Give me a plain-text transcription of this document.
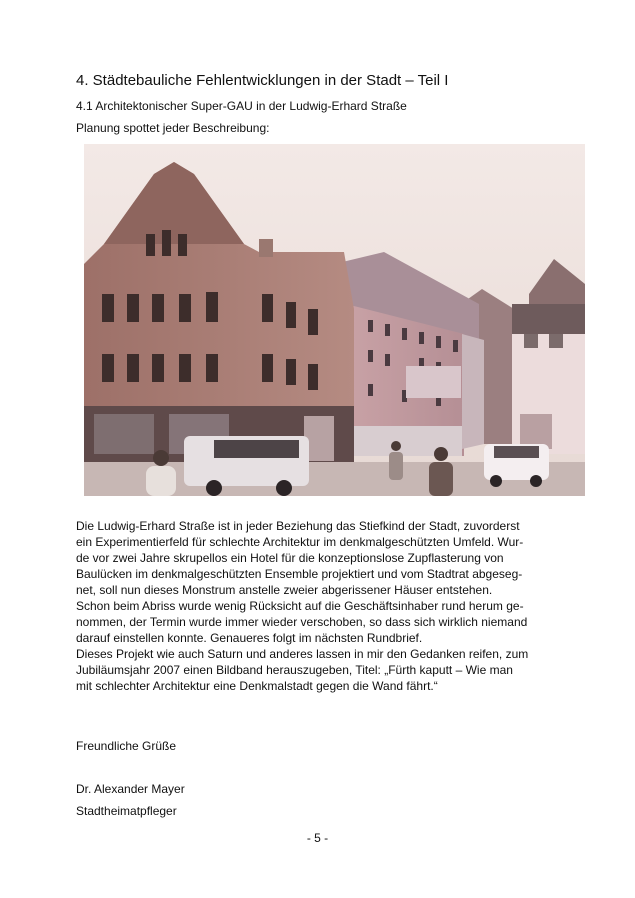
4. Städtebauliche Fehlentwicklungen in der Stadt – Teil I
4.1 Architektonischer Super-GAU in der Ludwig-Erhard Straße
Planung spottet jeder Beschreibung:
Die Ludwig-Erhard Straße ist in jeder Beziehung das Stiefkind der Stadt, zuvorderst
ein Experimentierfeld für schlechte Architektur im denkmalgeschützten Umfeld. Wur-
de vor zwei Jahre skrupellos ein Hotel für die konzeptionslose Zupflasterung von
Baulücken im denkmalgeschützten Ensemble projektiert und vom Stadtrat abgeseg-
net, soll nun dieses Monstrum anstelle zweier abgerissener Häuser entstehen.
Schon beim Abriss wurde wenig Rücksicht auf die Geschäftsinhaber rund herum ge-
nommen, der Termin wurde immer wieder verschoben, so dass sich wirklich niemand
darauf einstellen konnte. Genaueres folgt im nächsten Rundbrief.
Dieses Projekt wie auch Saturn und anderes lassen in mir den Gedanken reifen, zum
Jubiläumsjahr 2007 einen Bildband herauszugeben, Titel: „Fürth kaputt – Wie man
mit schlechter Architektur eine Denkmalstadt gegen die Wand fährt.“
Freundliche Grüße
Dr. Alexander Mayer
Stadtheimatpfleger
- 5 -
